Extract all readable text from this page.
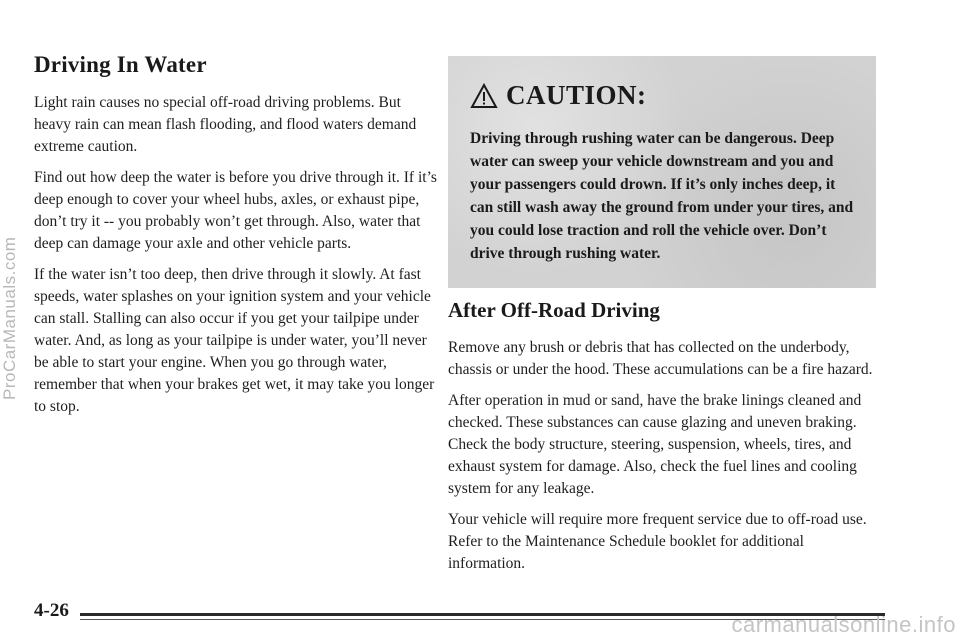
Driving In Water

Light rain causes no special off-road driving problems. But heavy rain can mean flash flooding, and flood waters demand extreme caution.

Find out how deep the water is before you drive through it. If it’s deep enough to cover your wheel hubs, axles, or exhaust pipe, don’t try it -- you probably won’t get through. Also, water that deep can damage your axle and other vehicle parts.

If the water isn’t too deep, then drive through it slowly. At fast speeds, water splashes on your ignition system and your vehicle can stall. Stalling can also occur if you get your tailpipe under water. And, as long as your tailpipe is under water, you’ll never be able to start your engine. When you go through water, remember that when your brakes get wet, it may take you longer to stop.

CAUTION:

Driving through rushing water can be dangerous. Deep water can sweep your vehicle downstream and you and your passengers could drown. If it’s only inches deep, it can still wash away the ground from under your tires, and you could lose traction and roll the vehicle over. Don’t drive through rushing water.

After Off-Road Driving

Remove any brush or debris that has collected on the underbody, chassis or under the hood. These accumulations can be a fire hazard.

After operation in mud or sand, have the brake linings cleaned and checked. These substances can cause glazing and uneven braking. Check the body structure, steering, suspension, wheels, tires, and exhaust system for damage. Also, check the fuel lines and cooling system for any leakage.

Your vehicle will require more frequent service due to off-road use. Refer to the Maintenance Schedule booklet for additional information.

4-26
ProCarManuals.com
carmanualsonline.info
